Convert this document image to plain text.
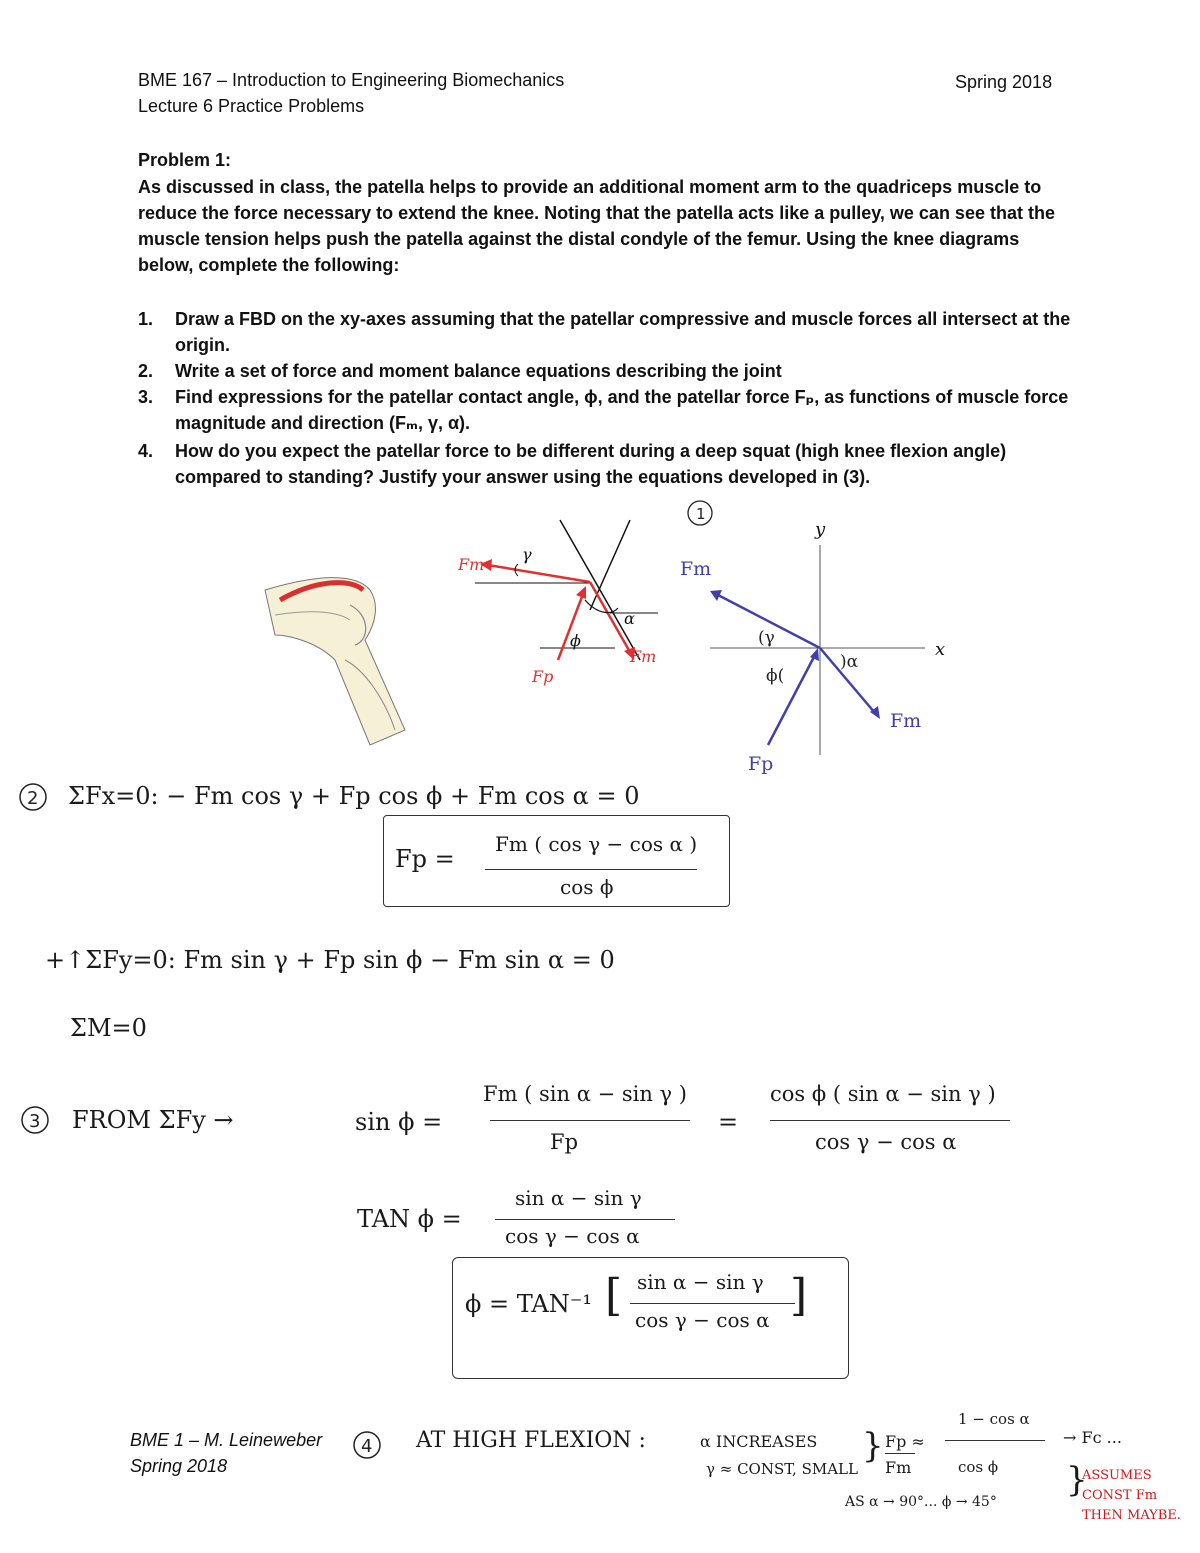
BME 167 – Introduction to Engineering Biomechanics
Lecture 6 Practice Problems
Spring 2018
Problem 1:
As discussed in class, the patella helps to provide an additional moment arm to the quadriceps muscle to reduce the force necessary to extend the knee. Noting that the patella acts like a pulley, we can see that the muscle tension helps push the patella against the distal condyle of the femur. Using the knee diagrams below, complete the following:
1. Draw a FBD on the xy-axes assuming that the patellar compressive and muscle forces all intersect at the origin.
2. Write a set of force and moment balance equations describing the joint
3. Find expressions for the patellar contact angle, ϕ, and the patellar force Fₚ, as functions of muscle force magnitude and direction (Fₘ, γ, α).
4. How do you expect the patellar force to be different during a deep squat (high knee flexion angle) compared to standing? Justify your answer using the equations developed in (3).
Fm
γ
α
ϕ
Fm
Fp
1
y
x
Fm
Fm
Fp
(γ
ϕ(
)α
2 ΣFx=0: − Fm cos γ + Fp cos ϕ + Fm cos α = 0
Fp =
Fm ( cos γ − cos α )
cos ϕ
+↑ΣFy=0: Fm sin γ + Fp sin ϕ − Fm sin α = 0
ΣM=0
3 FROM ΣFy →	sin ϕ =
Fm ( sin α − sin γ )
Fp
=
cos ϕ ( sin α − sin γ )
cos γ − cos α
TAN ϕ =
sin α − sin γ
cos γ − cos α
ϕ = TAN⁻¹ [ sin α − sin γ
cos γ − cos α ]
BME 1 – M. Leineweber
Spring 2018
4 AT HIGH FLEXION :	α INCREASES
γ ≈ CONST, SMALL
} Fp ≈
Fm
1 − cos α
cos ϕ
→ Fᴄ ...
AS α → 90°... ϕ → 45°
}
ASSUMES CONST Fm THEN MAYBE.
